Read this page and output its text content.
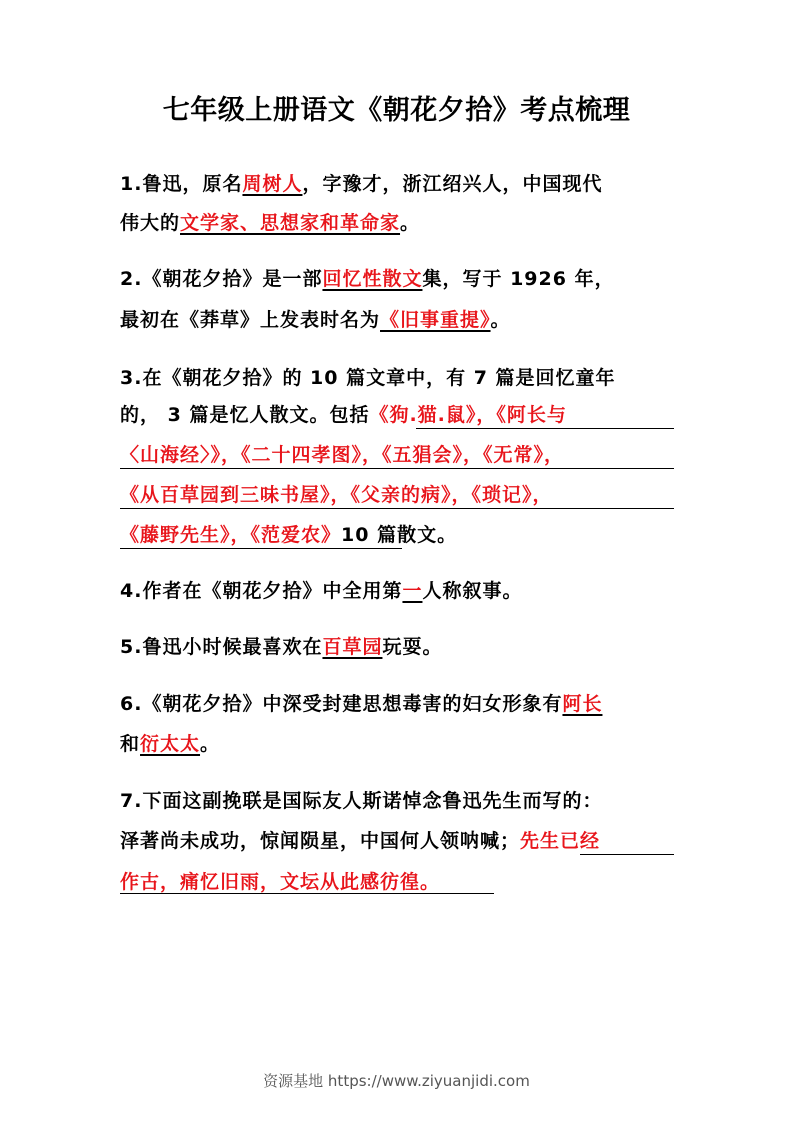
七年级上册语文《朝花夕拾》考点梳理
1.鲁迅，原名周树人，字豫才，浙江绍兴人，中国现代
伟大的文学家、思想家和革命家。
2.《朝花夕拾》是一部回忆性散文集，写于 1926 年，
最初在《莽草》上发表时名为《旧事重提》。
3.在《朝花夕拾》的 10 篇文章中，有 7 篇是回忆童年
的， 3 篇是忆人散文。包括《狗.猫.鼠》，《阿长与
〈山海经〉》，《二十四孝图》，《五猖会》，《无常》，
《从百草园到三味书屋》，《父亲的病》，《琐记》，
《藤野先生》，《范爱农》10 篇散文。
4.作者在《朝花夕拾》中全用第一人称叙事。
5.鲁迅小时候最喜欢在百草园玩耍。
6.《朝花夕拾》中深受封建思想毒害的妇女形象有阿长
和衍太太。
7.下面这副挽联是国际友人斯诺悼念鲁迅先生而写的：
泽著尚未成功，惊闻陨星，中国何人领呐喊；先生已经
作古，痛忆旧雨，文坛从此感彷徨。
资源基地 https://www.ziyuanjidi.com
